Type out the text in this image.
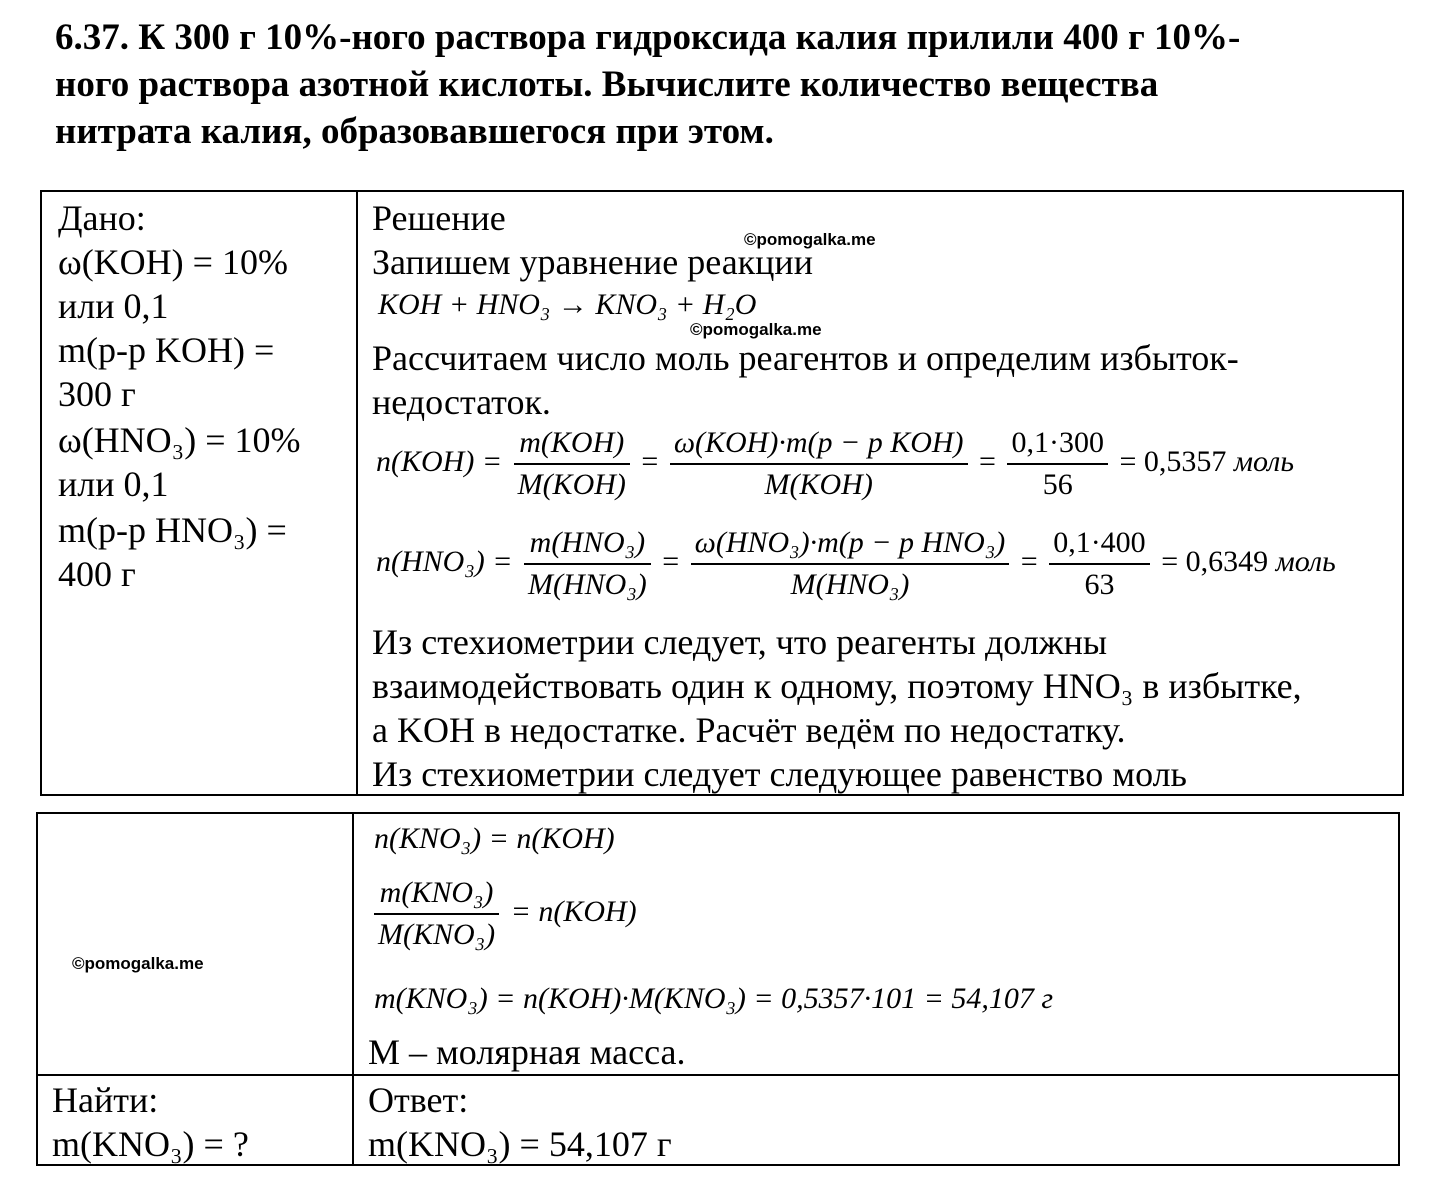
6.37. К 300 г 10%-ного раствора гидроксида калия прилили 400 г 10%-
ного раствора азотной кислоты. Вычислите количество вещества
нитрата калия, образовавшегося при этом.
Дано:
ω(KOH) = 10%
или 0,1
m(р-р KOH) =
300 г
ω(HNO₃) = 10%
или 0,1
m(р-р HNO₃) =
400 г
Решение
©pomogalka.me
Запишем уравнение реакции
KOH + HNO₃ → KNO₃ + H₂O
©pomogalka.me
Рассчитаем число моль реагентов и определим избыток-
недостаток.
$n(KOH) = \frac{\text{m(KOH)}}{\text{M(KOH)}} = \frac{\text{ω(KOH)·m(p − p KOH)}}{\text{M(KOH)}} = \frac{0,1\cdot 300}{56} = 0,5357$ моль
$n(HNO_3) = \frac{\text{m(HNO₃)}}{\text{M(HNO₃)}} = \frac{\text{ω(HNO₃)·m(p − p HNO₃)}}{\text{M(HNO₃)}} = \frac{0,1\cdot 400}{63} = 0,6349$ моль
Из стехиометрии следует, что реагенты должны
взаимодействовать один к одному, поэтому HNO₃ в избытке,
а KOH в недостатке. Расчёт ведём по недостатку.
Из стехиометрии следует следующее равенство моль
©pomogalka.me
n(KNO₃) = n(KOH)
$\frac{\text{m(KNO₃)}}{\text{M(KNO₃)}} = n(KOH)$
m(KNO₃) = n(KOH)·M(KNO₃) = 0,5357·101 = 54,107 г
M – молярная масса.
Найти:
m(KNO₃) = ?
Ответ:
m(KNO₃) = 54,107 г
